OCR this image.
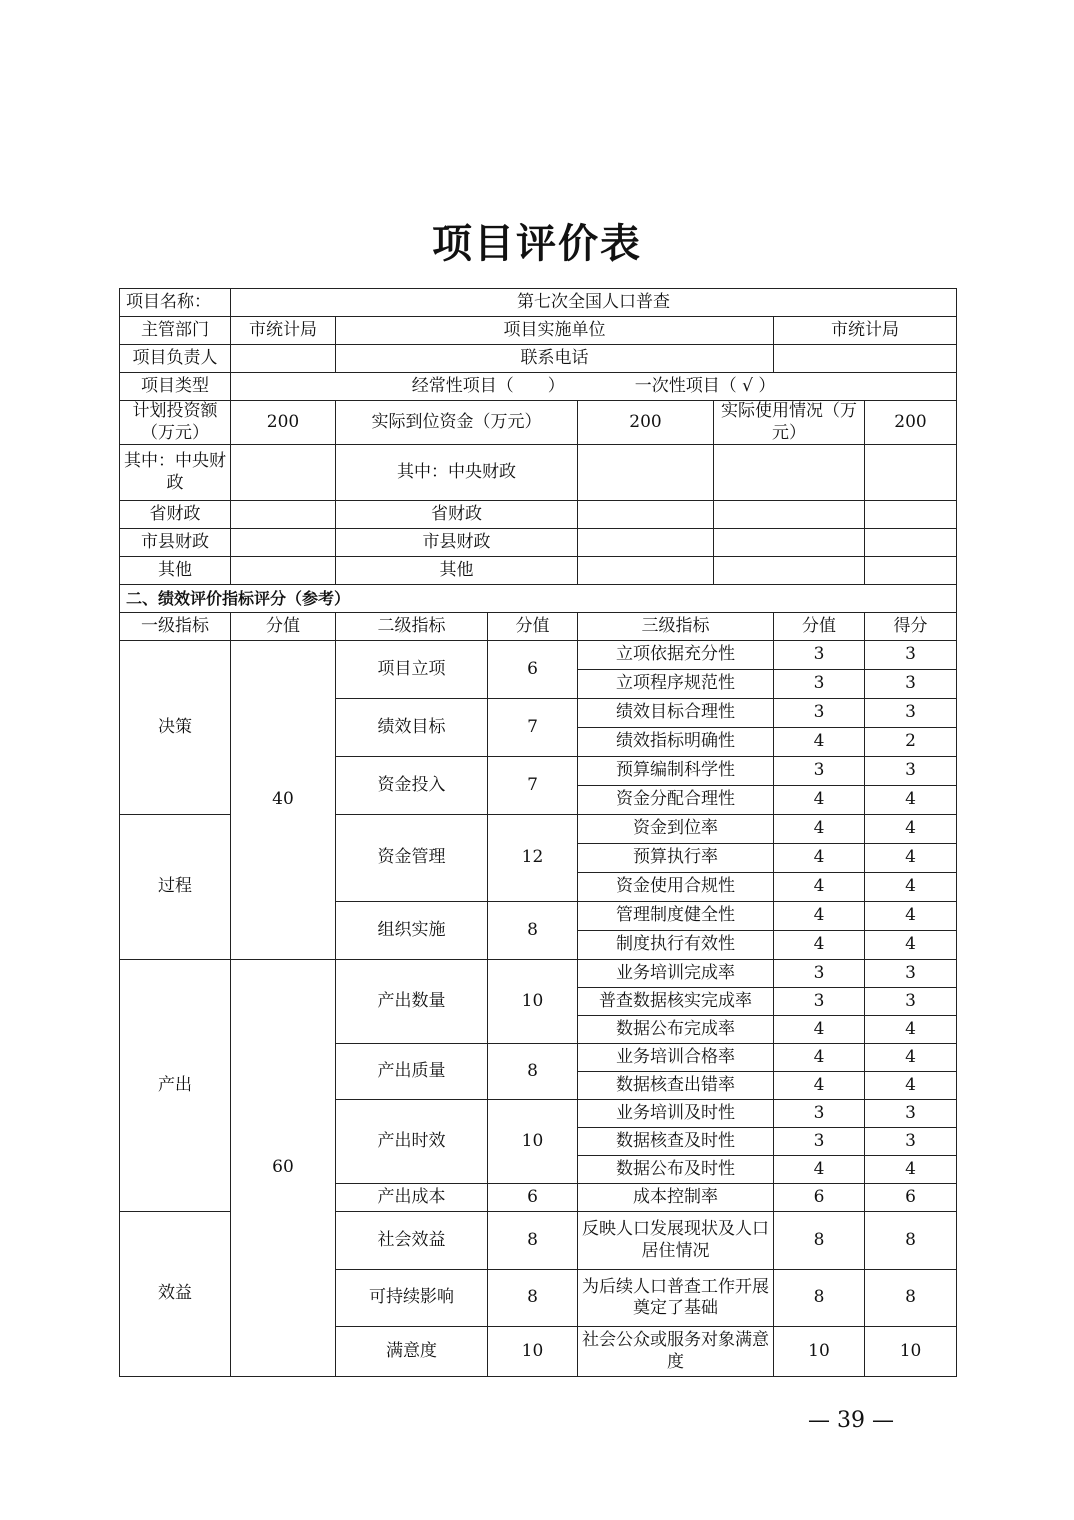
项目评价表
项目名称：	第七次全国人口普查						
主管部门	市统计局	项目实施单位				市统计局	
项目负责人		联系电话					
项目类型	经常性项目（　　） 一次性项目（ √ ）						
计划投资额（万元）	200	实际到位资金（万元）		200	实际使用情况（万元）		200
其中：中央财政		其中：中央财政					
省财政		省财政					
市县财政		市县财政					
其他		其他					
二、绩效评价指标评分（参考）							
一级指标	分值	二级指标	分值	三级指标		分值	得分
决策	40	项目立项	6	立项依据充分性		3	3
				立项程序规范性		3	3
		绩效目标	7	绩效目标合理性		3	3
				绩效指标明确性		4	2
		资金投入	7	预算编制科学性		3	3
				资金分配合理性		4	4
过程		资金管理	12	资金到位率		4	4
				预算执行率		4	4
				资金使用合规性		4	4
		组织实施	8	管理制度健全性		4	4
				制度执行有效性		4	4
产出	60	产出数量	10	业务培训完成率		3	3
				普查数据核实完成率		3	3
				数据公布完成率		4	4
		产出质量	8	业务培训合格率		4	4
				数据核查出错率		4	4
		产出时效	10	业务培训及时性		3	3
				数据核查及时性		3	3
				数据公布及时性		4	4
		产出成本	6	成本控制率		6	6
效益		社会效益	8	反映人口发展现状及人口居住情况		8	8
		可持续影响	8	为后续人口普查工作开展奠定了基础		8	8
		满意度	10	社会公众或服务对象满意度		10	10
— 39 —
